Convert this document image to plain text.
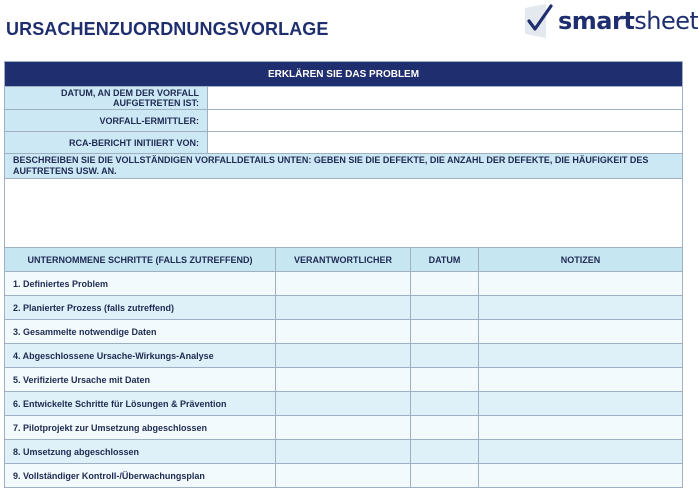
URSACHENZUORDNUNGSVORLAGE	smartsheet
ERKLÄREN SIE DAS PROBLEM	
DATUM, AN DEM DER VORFALL AUFGETRETEN IST:	
VORFALL-ERMITTLER:	
RCA-BERICHT INITIIERT VON:	
BESCHREIBEN SIE DIE VOLLSTÄNDIGEN VORFALLDETAILS UNTEN: GEBEN SIE DIE DEFEKTE, DIE ANZAHL DER DEFEKTE, DIE HÄUFIGKEIT DES AUFTRETENS USW. AN.	

UNTERNOMMENE SCHRITTE (FALLS ZUTREFFEND)	VERANTWORTLICHER	DATUM	NOTIZEN
1. Definiertes Problem			
2. Planierter Prozess (falls zutreffend)			
3. Gesammelte notwendige Daten			
4. Abgeschlossene Ursache-Wirkungs-Analyse			
5. Verifizierte Ursache mit Daten			
6. Entwickelte Schritte für Lösungen & Prävention			
7. Pilotprojekt zur Umsetzung abgeschlossen			
8. Umsetzung abgeschlossen			
9. Vollständiger Kontroll-/Überwachungsplan			
